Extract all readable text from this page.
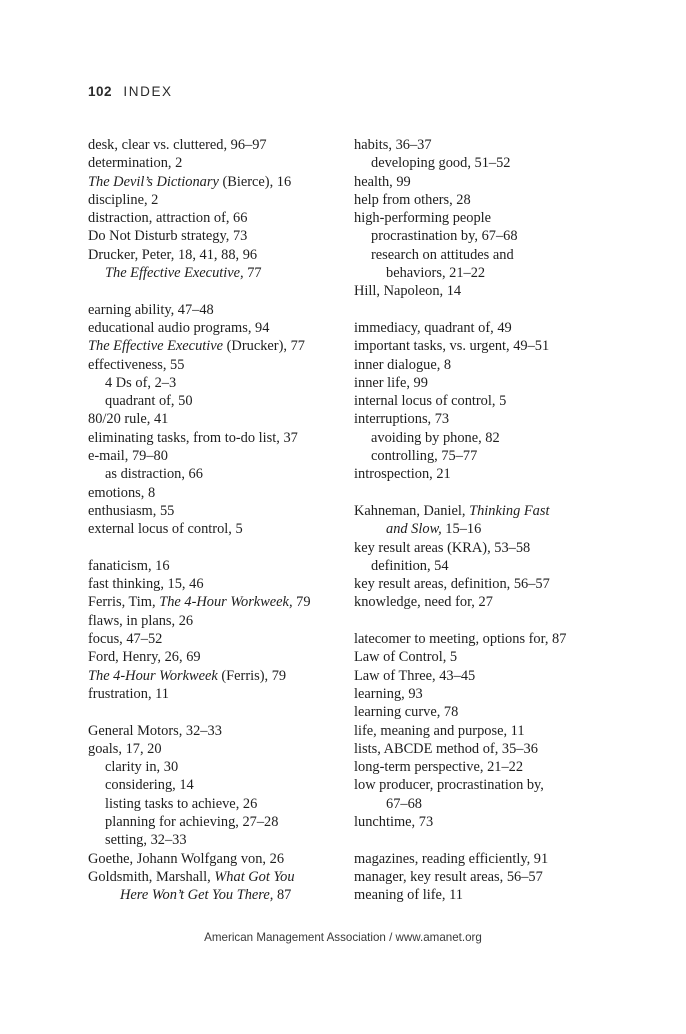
102 INDEX
desk, clear vs. cluttered, 96–97
determination, 2
The Devil’s Dictionary (Bierce), 16
discipline, 2
distraction, attraction of, 66
Do Not Disturb strategy, 73
Drucker, Peter, 18, 41, 88, 96
The Effective Executive, 77
earning ability, 47–48
educational audio programs, 94
The Effective Executive (Drucker), 77
effectiveness, 55
4 Ds of, 2–3
quadrant of, 50
80/20 rule, 41
eliminating tasks, from to-do list, 37
e-mail, 79–80
as distraction, 66
emotions, 8
enthusiasm, 55
external locus of control, 5
fanaticism, 16
fast thinking, 15, 46
Ferris, Tim, The 4-Hour Workweek, 79
flaws, in plans, 26
focus, 47–52
Ford, Henry, 26, 69
The 4-Hour Workweek (Ferris), 79
frustration, 11
General Motors, 32–33
goals, 17, 20
clarity in, 30
considering, 14
listing tasks to achieve, 26
planning for achieving, 27–28
setting, 32–33
Goethe, Johann Wolfgang von, 26
Goldsmith, Marshall, What Got You
Here Won’t Get You There, 87
habits, 36–37
developing good, 51–52
health, 99
help from others, 28
high-performing people
procrastination by, 67–68
research on attitudes and
behaviors, 21–22
Hill, Napoleon, 14
immediacy, quadrant of, 49
important tasks, vs. urgent, 49–51
inner dialogue, 8
inner life, 99
internal locus of control, 5
interruptions, 73
avoiding by phone, 82
controlling, 75–77
introspection, 21
Kahneman, Daniel, Thinking Fast
and Slow, 15–16
key result areas (KRA), 53–58
definition, 54
key result areas, definition, 56–57
knowledge, need for, 27
latecomer to meeting, options for, 87
Law of Control, 5
Law of Three, 43–45
learning, 93
learning curve, 78
life, meaning and purpose, 11
lists, ABCDE method of, 35–36
long-term perspective, 21–22
low producer, procrastination by,
67–68
lunchtime, 73
magazines, reading efficiently, 91
manager, key result areas, 56–57
meaning of life, 11
American Management Association / www.amanet.org
